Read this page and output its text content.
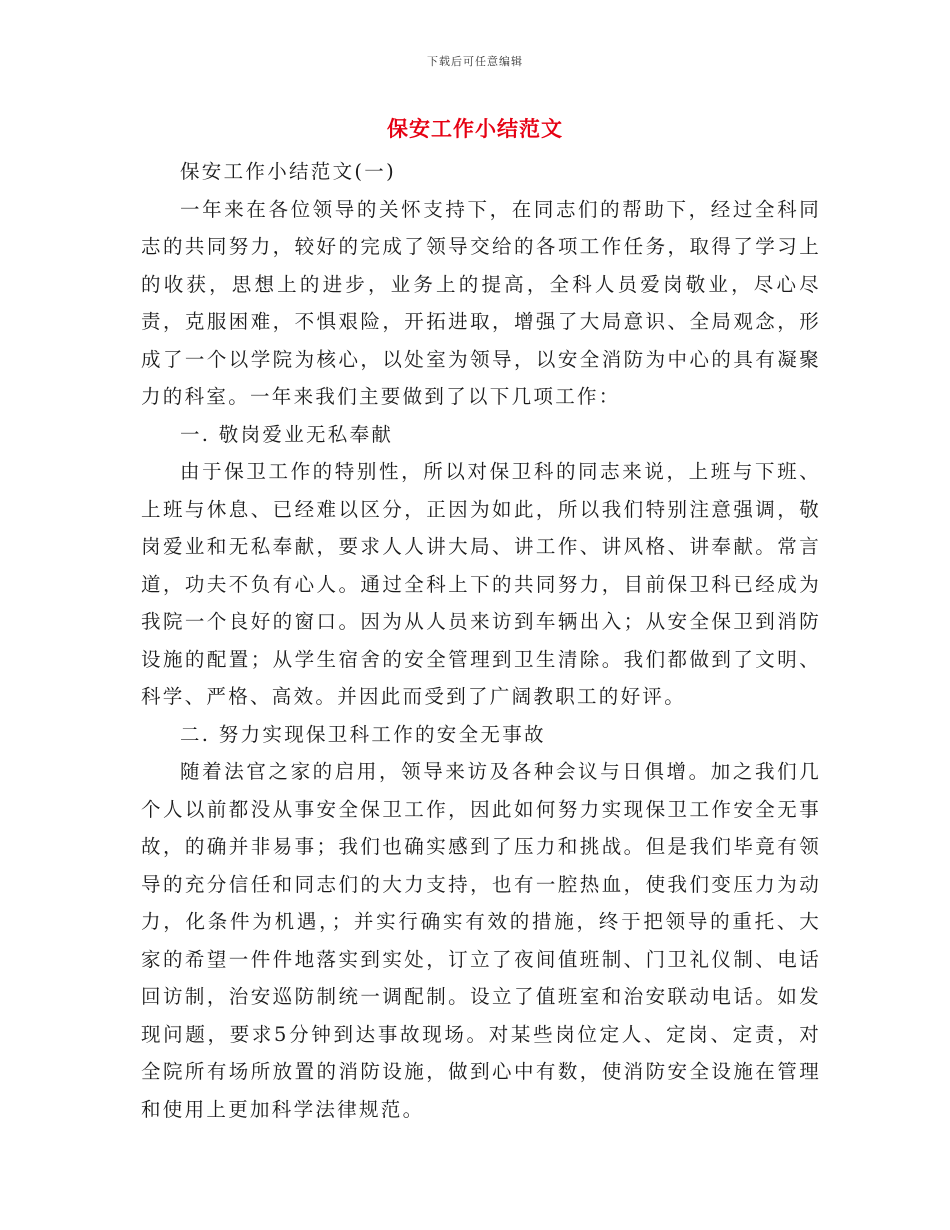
下载后可任意编辑
保安工作小结范文

保安工作小结范文(一)

一年来在各位领导的关怀支持下，在同志们的帮助下，经过全科同志的共同努力，较好的完成了领导交给的各项工作任务，取得了学习上的收获，思想上的进步，业务上的提高，全科人员爱岗敬业，尽心尽责，克服困难，不惧艰险，开拓进取，增强了大局意识、全局观念，形成了一个以学院为核心，以处室为领导，以安全消防为中心的具有凝聚力的科室。一年来我们主要做到了以下几项工作：

一. 敬岗爱业无私奉献

由于保卫工作的特别性，所以对保卫科的同志来说，上班与下班、上班与休息、已经难以区分，正因为如此，所以我们特别注意强调，敬岗爱业和无私奉献，要求人人讲大局、讲工作、讲风格、讲奉献。常言道，功夫不负有心人。通过全科上下的共同努力，目前保卫科已经成为我院一个良好的窗口。因为从人员来访到车辆出入；从安全保卫到消防设施的配置；从学生宿舍的安全管理到卫生清除。我们都做到了文明、科学、严格、高效。并因此而受到了广阔教职工的好评。

二. 努力实现保卫科工作的安全无事故

随着法官之家的启用，领导来访及各种会议与日俱增。加之我们几个人以前都没从事安全保卫工作，因此如何努力实现保卫工作安全无事故，的确并非易事；我们也确实感到了压力和挑战。但是我们毕竟有领导的充分信任和同志们的大力支持，也有一腔热血，使我们变压力为动力，化条件为机遇，；并实行确实有效的措施，终于把领导的重托、大家的希望一件件地落实到实处，订立了夜间值班制、门卫礼仪制、电话回访制，治安巡防制统一调配制。设立了值班室和治安联动电话。如发现问题，要求5分钟到达事故现场。对某些岗位定人、定岗、定责，对全院所有场所放置的消防设施，做到心中有数，使消防安全设施在管理和使用上更加科学法律规范。
